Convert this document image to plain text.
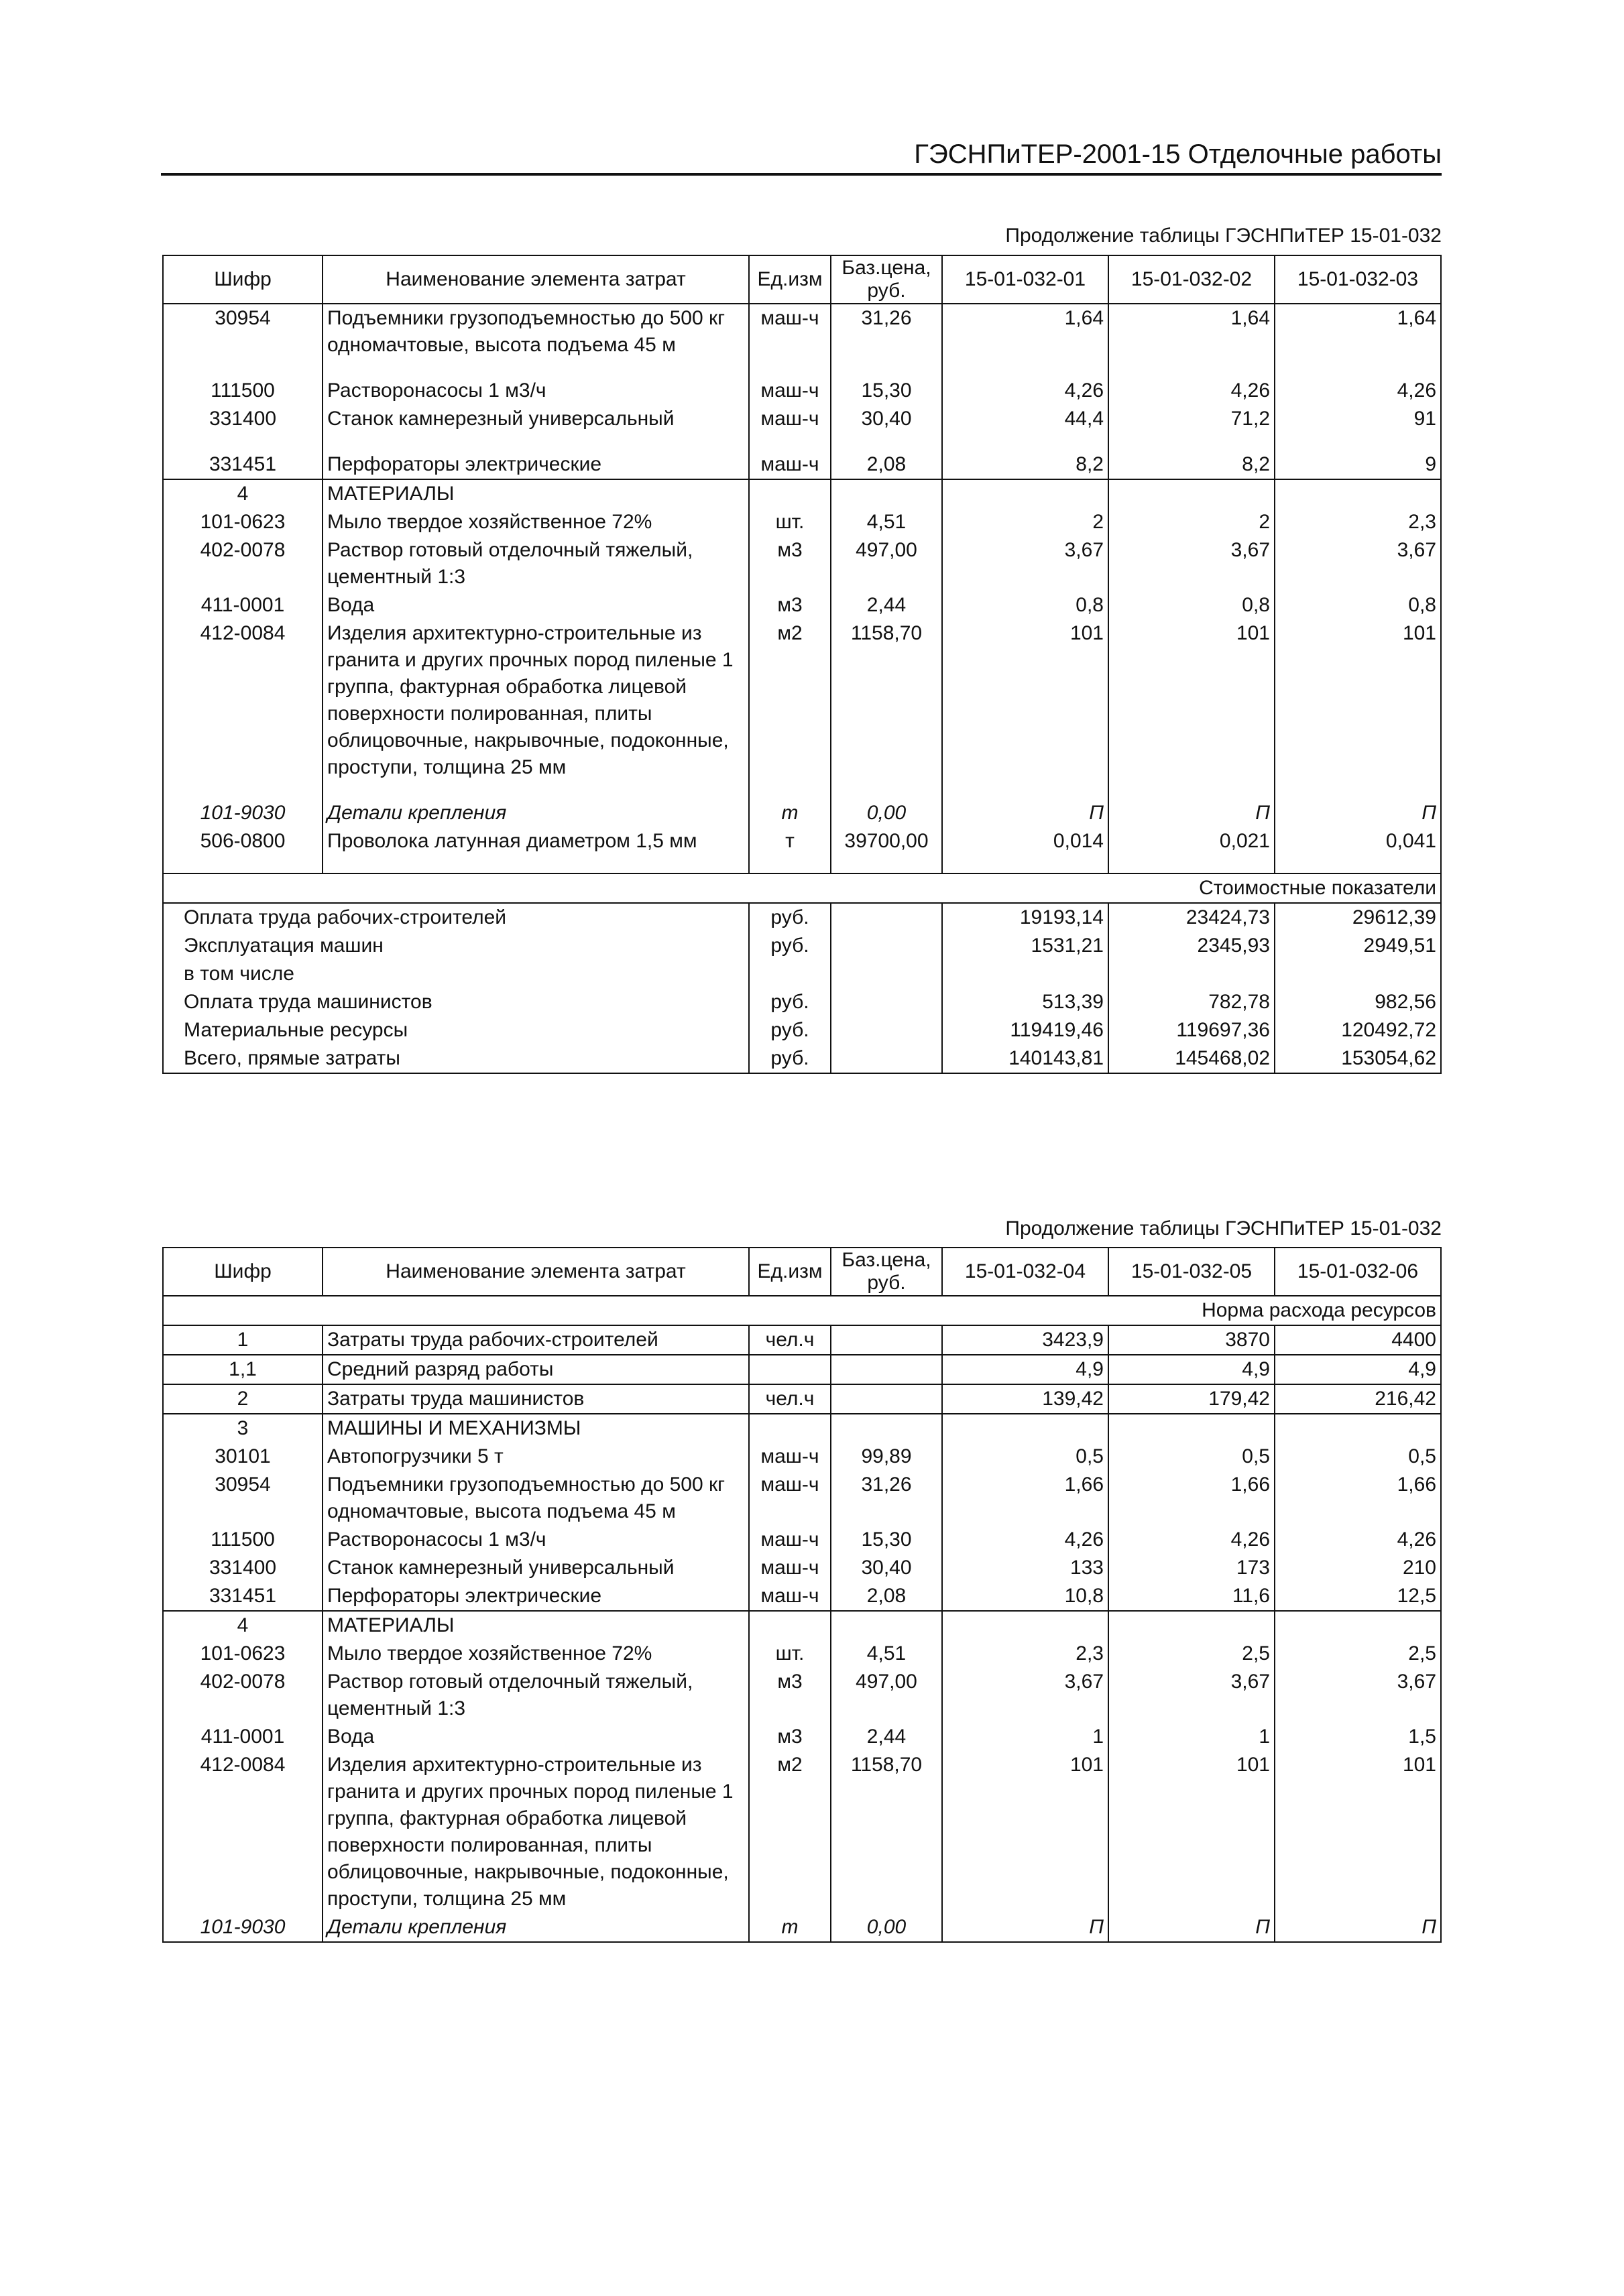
ГЭСНПиТЕР-2001-15 Отделочные работы
Продолжение таблицы ГЭСНПиТЕР 15-01-032
Шифр	Наименование элемента затрат	Ед.изм	Баз.цена, руб.	15-01-032-01	15-01-032-02	15-01-032-03
30954	Подъемники грузоподъемностью до 500 кг одномачтовые, высота подъема 45 м	маш-ч	31,26	1,64	1,64	1,64

111500	Растворонасосы 1 м3/ч	маш-ч	15,30	4,26	4,26	4,26
331400	Станок камнерезный универсальный	маш-ч	30,40	44,4	71,2	91

331451	Перфораторы электрические	маш-ч	2,08	8,2	8,2	9
4	МАТЕРИАЛЫ					
101-0623	Мыло твердое хозяйственное 72%	шт.	4,51	2	2	2,3
402-0078	Раствор готовый отделочный тяжелый, цементный 1:3	м3	497,00	3,67	3,67	3,67
411-0001	Вода	м3	2,44	0,8	0,8	0,8
412-0084	Изделия архитектурно-строительные из гранита и других прочных пород пиленые 1 группа, фактурная обработка лицевой поверхности полированная, плиты облицовочные, накрывочные, подоконные, проступи, толщина 25 мм	м2	1158,70	101	101	101

101-9030	Детали крепления	т	0,00	П	П	П
506-0800	Проволока латунная диаметром 1,5 мм	т	39700,00	0,014	0,021	0,041

Стоимостные показатели						
Оплата труда рабочих-строителей		руб.		19193,14	23424,73	29612,39
Эксплуатация машин		руб.		1531,21	2345,93	2949,51
в том числе						
Оплата труда машинистов		руб.		513,39	782,78	982,56
Материальные ресурсы		руб.		119419,46	119697,36	120492,72
Всего, прямые затраты		руб.		140143,81	145468,02	153054,62
Продолжение таблицы ГЭСНПиТЕР 15-01-032
Шифр	Наименование элемента затрат	Ед.изм	Баз.цена, руб.	15-01-032-04	15-01-032-05	15-01-032-06
Норма расхода ресурсов						
1	Затраты труда рабочих-строителей	чел.ч		3423,9	3870	4400
1,1	Средний разряд работы			4,9	4,9	4,9
2	Затраты труда машинистов	чел.ч		139,42	179,42	216,42
3	МАШИНЫ И МЕХАНИЗМЫ					
30101	Автопогрузчики 5 т	маш-ч	99,89	0,5	0,5	0,5
30954	Подъемники грузоподъемностью до 500 кг одномачтовые, высота подъема 45 м	маш-ч	31,26	1,66	1,66	1,66
111500	Растворонасосы 1 м3/ч	маш-ч	15,30	4,26	4,26	4,26
331400	Станок камнерезный универсальный	маш-ч	30,40	133	173	210
331451	Перфораторы электрические	маш-ч	2,08	10,8	11,6	12,5
4	МАТЕРИАЛЫ					
101-0623	Мыло твердое хозяйственное 72%	шт.	4,51	2,3	2,5	2,5
402-0078	Раствор готовый отделочный тяжелый, цементный 1:3	м3	497,00	3,67	3,67	3,67
411-0001	Вода	м3	2,44	1	1	1,5
412-0084	Изделия архитектурно-строительные из гранита и других прочных пород пиленые 1 группа, фактурная обработка лицевой поверхности полированная, плиты облицовочные, накрывочные, подоконные, проступи, толщина 25 мм	м2	1158,70	101	101	101
101-9030	Детали крепления	т	0,00	П	П	П
